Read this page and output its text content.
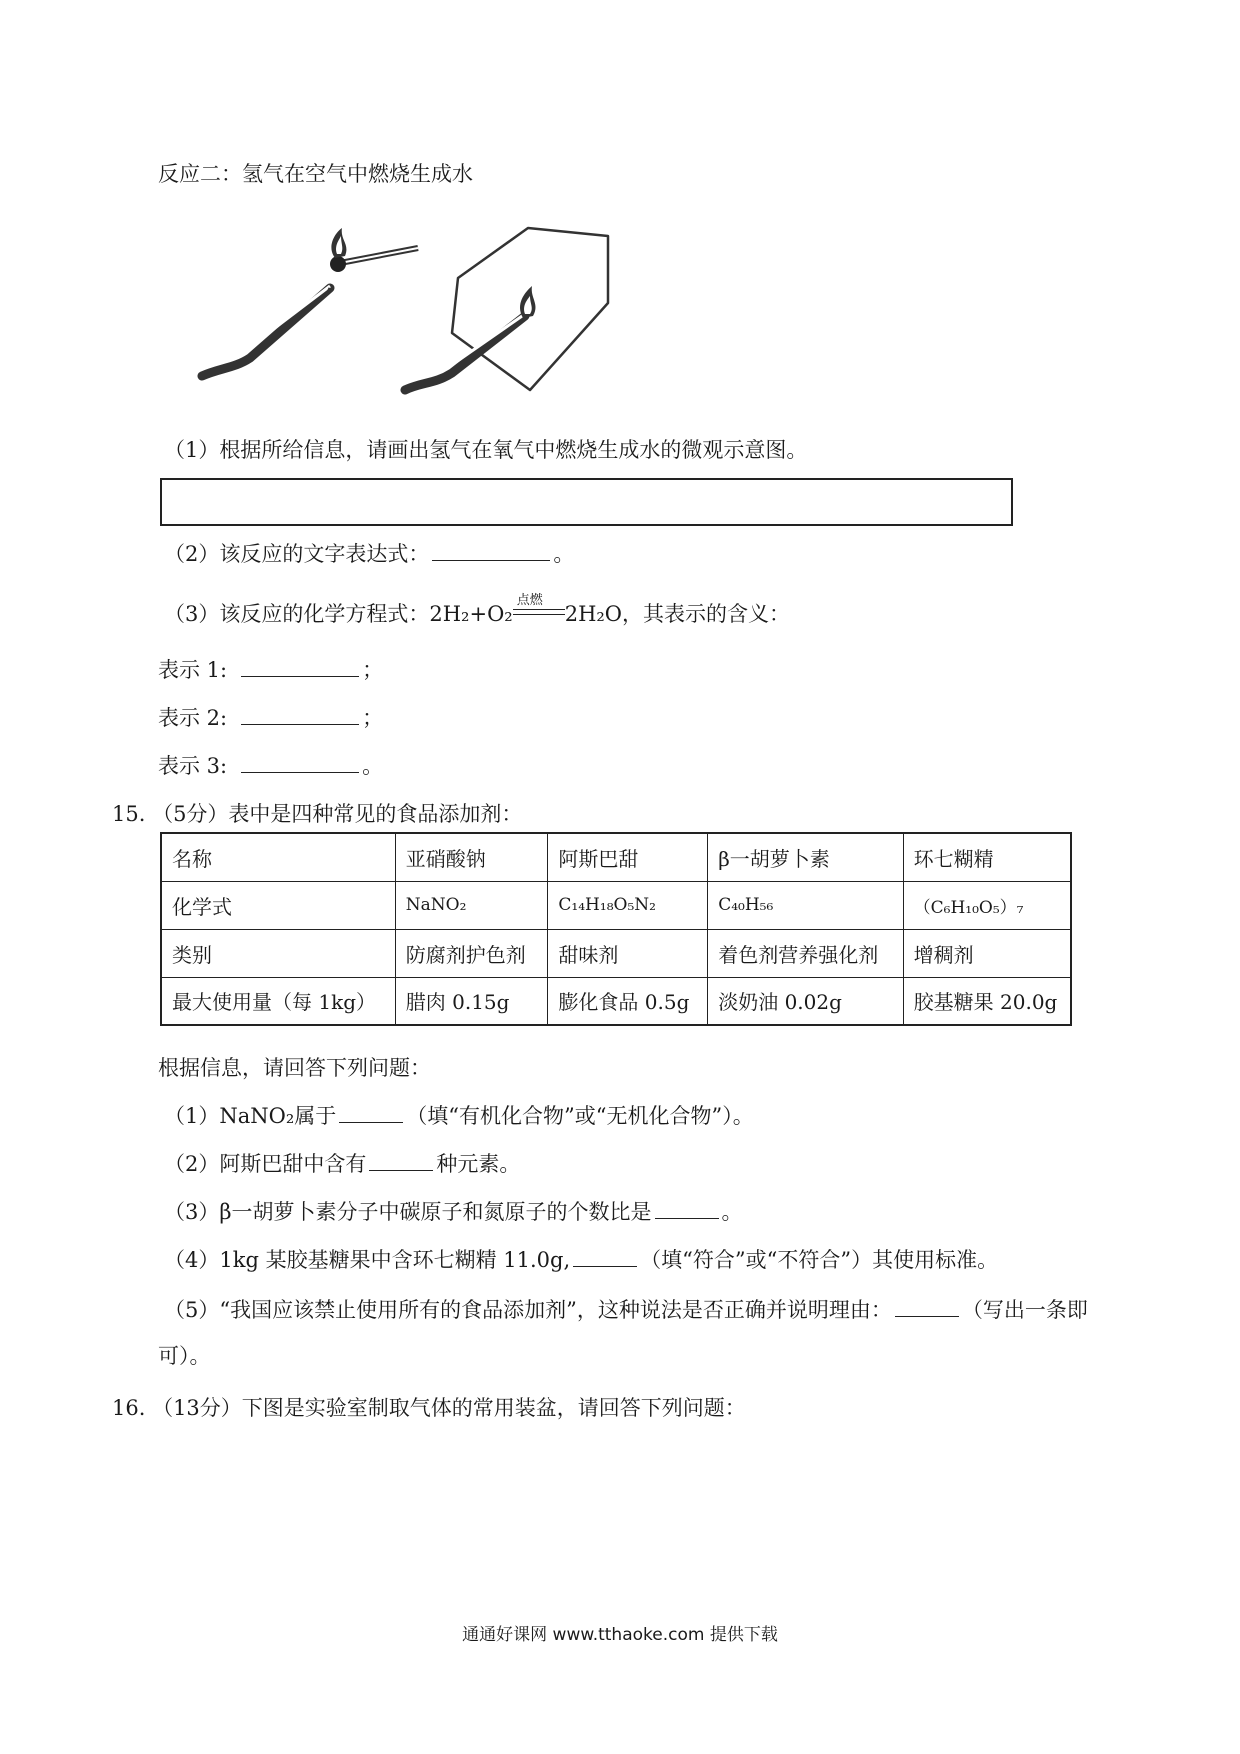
反应二：氢气在空气中燃烧生成水
（1）根据所给信息，请画出氢气在氧气中燃烧生成水的微观示意图。
（2）该反应的文字表达式：	。
（3）该反应的化学方程式：2H₂+O₂
点燃
2H₂O，其表示的含义：
表示 1:	；
表示 2:	；
表示 3:	。
15. （5分）表中是四种常见的食品添加剂：
名称	亚硝酸钠	阿斯巴甜	β一胡萝卜素	环七糊精
化学式	NaNO₂	C₁₄H₁₈O₅N₂	C₄₀H₅₆	（C₆H₁₀O₅）₇
类别	防腐剂护色剂	甜味剂	着色剂营养强化剂	增稠剂
最大使用量（每 1kg）	腊肉 0.15g	膨化食品 0.5g	淡奶油 0.02g	胶基糖果 20.0g
根据信息，请回答下列问题：
（1）NaNO₂属于	（填“有机化合物”或“无机化合物”）。
（2）阿斯巴甜中含有	种元素。
（3）β一胡萝卜素分子中碳原子和氮原子的个数比是	。
（4）1kg 某胶基糖果中含环七糊精 11.0g,	（填“符合”或“不符合”）其使用标准。
（5）“我国应该禁止使用所有的食品添加剂”，这种说法是否正确并说明理由：	（写出一条即
可）。
16. （13分）下图是实验室制取气体的常用装盆，请回答下列问题：
通通好课网 www.tthaoke.com 提供下载
